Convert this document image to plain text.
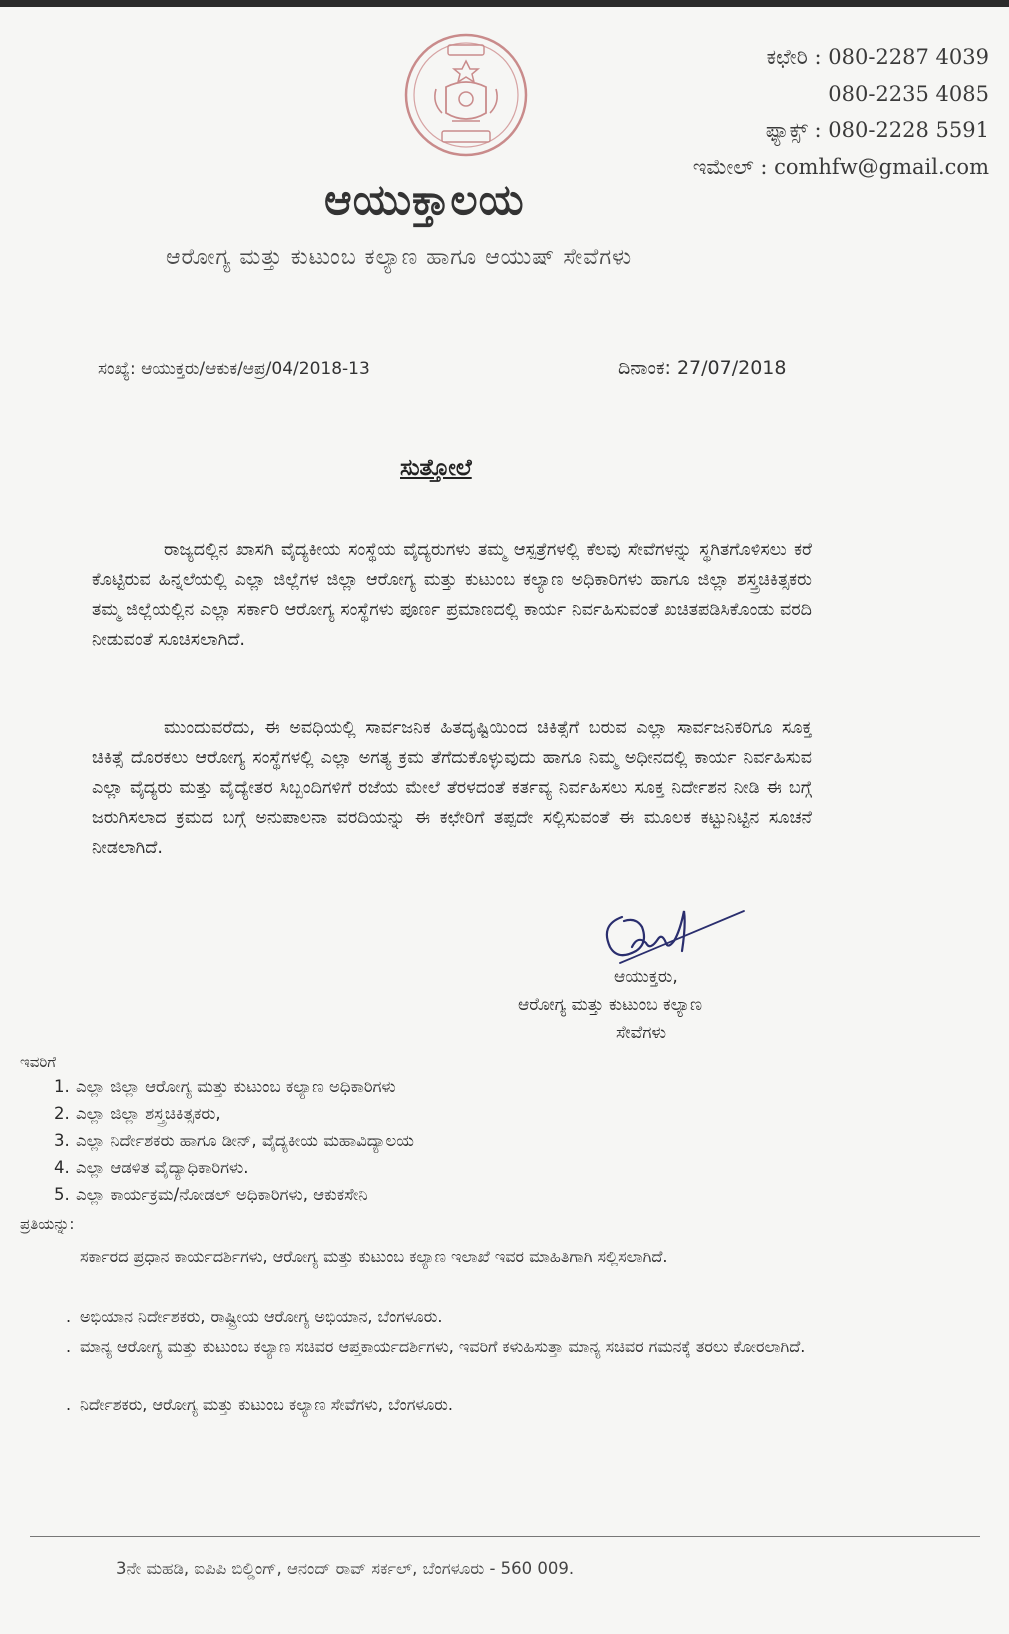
ಕಛೇರಿ : 080-2287 4039
080-2235 4085
ಫ್ಯಾಕ್ಸ್ : 080-2228 5591
ಇಮೇಲ್ : comhfw@gmail.com
ಆಯುಕ್ತಾಲಯ
ಆರೋಗ್ಯ ಮತ್ತು ಕುಟುಂಬ ಕಲ್ಯಾಣ ಹಾಗೂ ಆಯುಷ್ ಸೇವೆಗಳು
ಸಂಖ್ಯೆ: ಆಯುಕ್ತರು/ಆಕುಕ/ಆಪ್ರ/04/2018-13	ದಿನಾಂಕ: 27/07/2018
ಸುತ್ತೋಲೆ

ರಾಜ್ಯದಲ್ಲಿನ ಖಾಸಗಿ ವೈದ್ಯಕೀಯ ಸಂಸ್ಥೆಯ ವೈದ್ಯರುಗಳು ತಮ್ಮ ಆಸ್ಪತ್ರೆಗಳಲ್ಲಿ ಕೆಲವು ಸೇವೆಗಳನ್ನು ಸ್ಥಗಿತಗೊಳಿಸಲು ಕರೆ ಕೊಟ್ಟಿರುವ ಹಿನ್ನಲೆಯಲ್ಲಿ ಎಲ್ಲಾ ಜಿಲ್ಲೆಗಳ ಜಿಲ್ಲಾ ಆರೋಗ್ಯ ಮತ್ತು ಕುಟುಂಬ ಕಲ್ಯಾಣ ಅಧಿಕಾರಿಗಳು ಹಾಗೂ ಜಿಲ್ಲಾ ಶಸ್ತ್ರಚಿಕಿತ್ಸಕರು ತಮ್ಮ ಜಿಲ್ಲೆಯಲ್ಲಿನ ಎಲ್ಲಾ ಸರ್ಕಾರಿ ಆರೋಗ್ಯ ಸಂಸ್ಥೆಗಳು ಪೂರ್ಣ ಪ್ರಮಾಣದಲ್ಲಿ ಕಾರ್ಯ ನಿರ್ವಹಿಸುವಂತೆ ಖಚಿತಪಡಿಸಿಕೊಂಡು ವರದಿ ನೀಡುವಂತೆ ಸೂಚಿಸಲಾಗಿದೆ.

ಮುಂದುವರೆದು, ಈ ಅವಧಿಯಲ್ಲಿ ಸಾರ್ವಜನಿಕ ಹಿತದೃಷ್ಟಿಯಿಂದ ಚಿಕಿತ್ಸೆಗೆ ಬರುವ ಎಲ್ಲಾ ಸಾರ್ವಜನಿಕರಿಗೂ ಸೂಕ್ತ ಚಿಕಿತ್ಸೆ ದೊರಕಲು ಆರೋಗ್ಯ ಸಂಸ್ಥೆಗಳಲ್ಲಿ ಎಲ್ಲಾ ಅಗತ್ಯ ಕ್ರಮ ತೆಗೆದುಕೊಳ್ಳುವುದು ಹಾಗೂ ನಿಮ್ಮ ಅಧೀನದಲ್ಲಿ ಕಾರ್ಯ ನಿರ್ವಹಿಸುವ ಎಲ್ಲಾ ವೈದ್ಯರು ಮತ್ತು ವೈದ್ಯೇತರ ಸಿಬ್ಬಂದಿಗಳಿಗೆ ರಜೆಯ ಮೇಲೆ ತೆರಳದಂತೆ ಕರ್ತವ್ಯ ನಿರ್ವಹಿಸಲು ಸೂಕ್ತ ನಿರ್ದೇಶನ ನೀಡಿ ಈ ಬಗ್ಗೆ ಜರುಗಿಸಲಾದ ಕ್ರಮದ ಬಗ್ಗೆ ಅನುಪಾಲನಾ ವರದಿಯನ್ನು ಈ ಕಛೇರಿಗೆ ತಪ್ಪದೇ ಸಲ್ಲಿಸುವಂತೆ ಈ ಮೂಲಕ ಕಟ್ಟುನಿಟ್ಟಿನ ಸೂಚನೆ ನೀಡಲಾಗಿದೆ.

ಆಯುಕ್ತರು,
ಆರೋಗ್ಯ ಮತ್ತು ಕುಟುಂಬ ಕಲ್ಯಾಣ
ಸೇವೆಗಳು
ಇವರಿಗೆ
1. ಎಲ್ಲಾ ಜಿಲ್ಲಾ ಆರೋಗ್ಯ ಮತ್ತು ಕುಟುಂಬ ಕಲ್ಯಾಣ ಅಧಿಕಾರಿಗಳು
2. ಎಲ್ಲಾ ಜಿಲ್ಲಾ ಶಸ್ತ್ರಚಿಕಿತ್ಸಕರು,
3. ಎಲ್ಲಾ ನಿರ್ದೇಶಕರು ಹಾಗೂ ಡೀನ್, ವೈದ್ಯಕೀಯ ಮಹಾವಿದ್ಯಾಲಯ
4. ಎಲ್ಲಾ ಆಡಳಿತ ವೈದ್ಯಾಧಿಕಾರಿಗಳು.
5. ಎಲ್ಲಾ ಕಾರ್ಯಕ್ರಮ/ನೋಡಲ್ ಅಧಿಕಾರಿಗಳು, ಆಕುಕಸೇನಿ
ಪ್ರತಿಯನ್ನು:
ಸರ್ಕಾರದ ಪ್ರಧಾನ ಕಾರ್ಯದರ್ಶಿಗಳು, ಆರೋಗ್ಯ ಮತ್ತು ಕುಟುಂಬ ಕಲ್ಯಾಣ ಇಲಾಖೆ ಇವರ ಮಾಹಿತಿಗಾಗಿ ಸಲ್ಲಿಸಲಾಗಿದೆ.
. ಅಭಿಯಾನ ನಿರ್ದೇಶಕರು, ರಾಷ್ಟ್ರೀಯ ಆರೋಗ್ಯ ಅಭಿಯಾನ, ಬೆಂಗಳೂರು.
. ಮಾನ್ಯ ಆರೋಗ್ಯ ಮತ್ತು ಕುಟುಂಬ ಕಲ್ಯಾಣ ಸಚಿವರ ಆಪ್ತಕಾರ್ಯದರ್ಶಿಗಳು, ಇವರಿಗೆ ಕಳುಹಿಸುತ್ತಾ ಮಾನ್ಯ ಸಚಿವರ ಗಮನಕ್ಕೆ ತರಲು ಕೋರಲಾಗಿದೆ.
. ನಿರ್ದೇಶಕರು, ಆರೋಗ್ಯ ಮತ್ತು ಕುಟುಂಬ ಕಲ್ಯಾಣ ಸೇವೆಗಳು, ಬೆಂಗಳೂರು.
3ನೇ ಮಹಡಿ, ಐಪಿಪಿ ಬಿಲ್ಡಿಂಗ್, ಆನಂದ್ ರಾವ್ ಸರ್ಕಲ್, ಬೆಂಗಳೂರು - 560 009.
